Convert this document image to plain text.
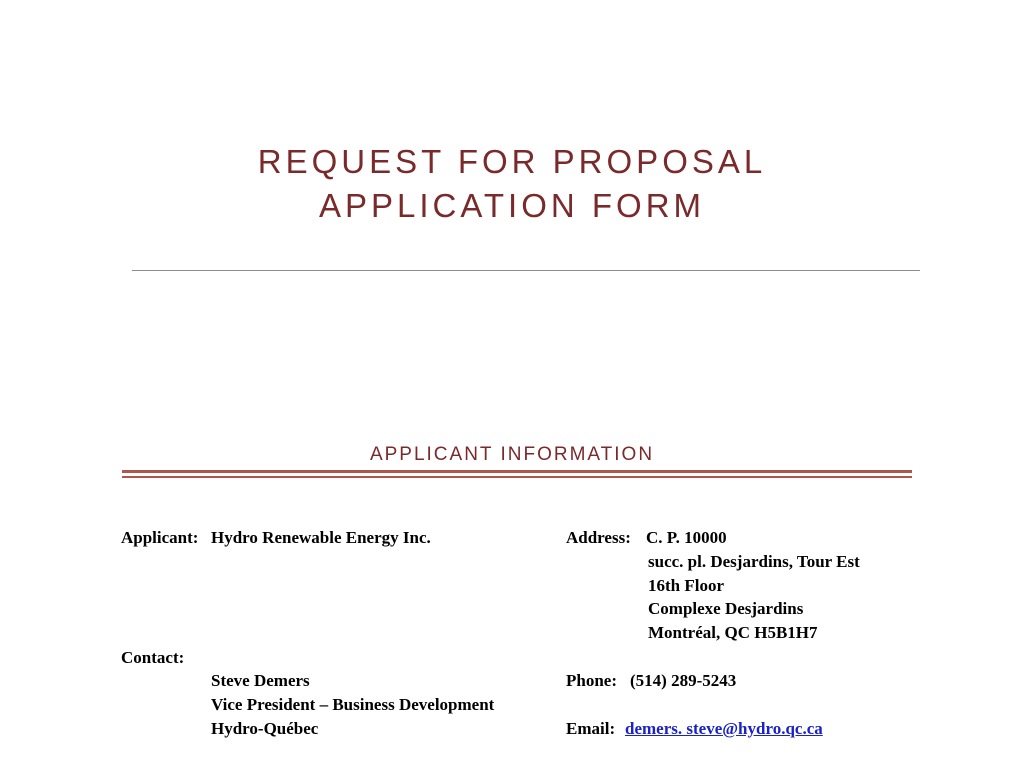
REQUEST FOR PROPOSAL
APPLICATION FORM
APPLICANT INFORMATION
Applicant: Hydro Renewable Energy Inc.	Address: C. P. 10000
succ. pl. Desjardins, Tour Est
16th Floor
Complexe Desjardins
Montréal, QC H5B1H7
Contact:
Steve Demers
Vice President – Business Development
Hydro-Québec
Phone: (514) 289-5243
Email: demers. steve@hydro.qc.ca
